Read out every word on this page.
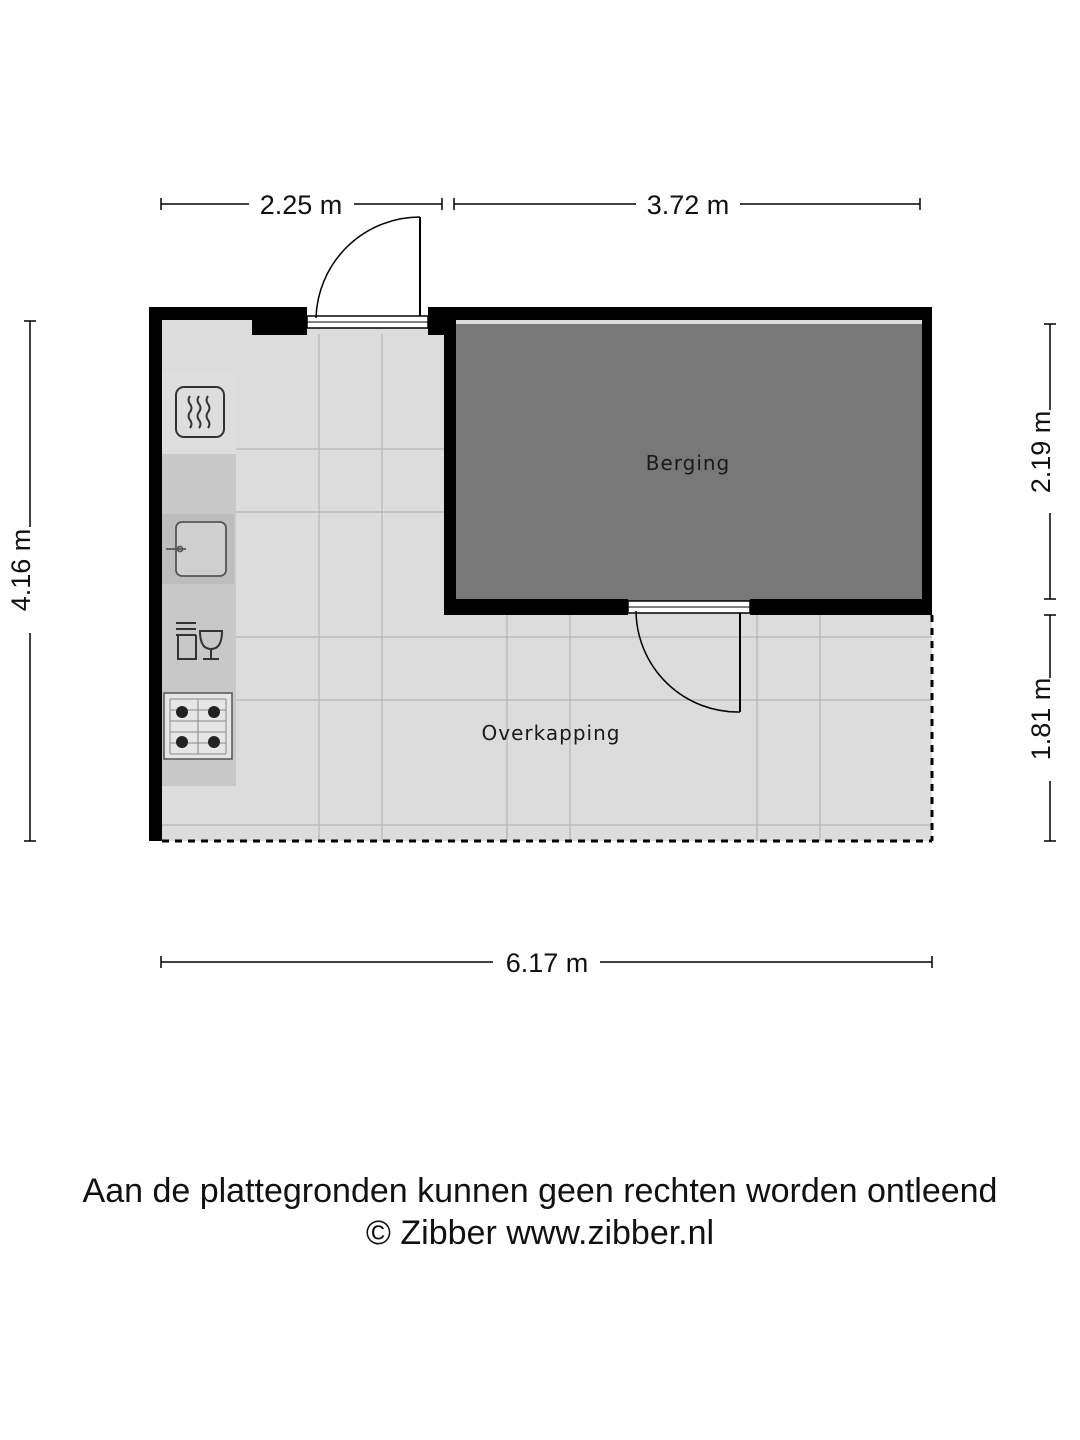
Berging
Overkapping
2.25 m	3.72 m
4.16 m
2.19 m
1.81 m
6.17 m
Aan de plattegronden kunnen geen rechten worden ontleend
© Zibber www.zibber.nl
